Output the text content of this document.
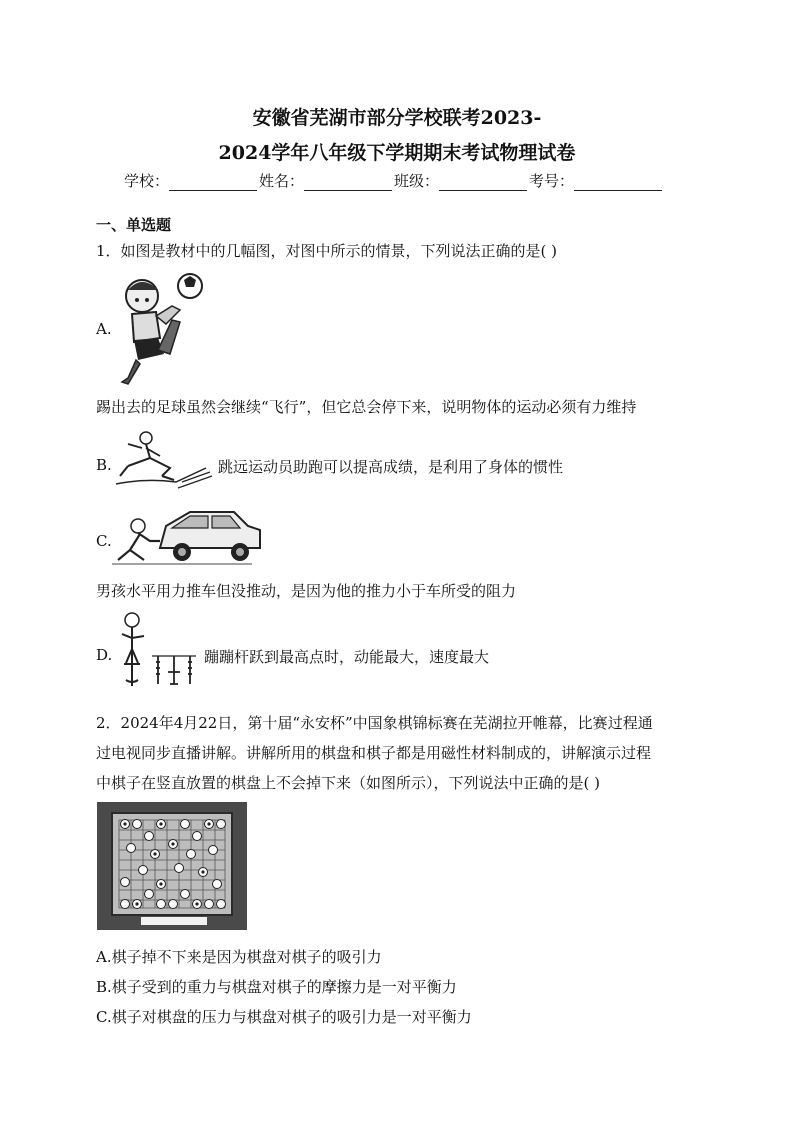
安徽省芜湖市部分学校联考2023-
2024学年八年级下学期期末考试物理试卷
学校：	姓名：	班级：	考号：
一、单选题
1．如图是教材中的几幅图，对图中所示的情景，下列说法正确的是( )
A.
踢出去的足球虽然会继续“飞行”，但它总会停下来，说明物体的运动必须有力维持
B.	跳远运动员助跑可以提高成绩，是利用了身体的惯性
C.
男孩水平用力推车但没推动，是因为他的推力小于车所受的阻力
D.	蹦蹦杆跃到最高点时，动能最大，速度最大
2．2024年4月22日，第十届“永安杯”中国象棋锦标赛在芜湖拉开帷幕，比赛过程通
过电视同步直播讲解。讲解所用的棋盘和棋子都是用磁性材料制成的，讲解演示过程
中棋子在竖直放置的棋盘上不会掉下来（如图所示），下列说法中正确的是( )
A.棋子掉不下来是因为棋盘对棋子的吸引力
B.棋子受到的重力与棋盘对棋子的摩擦力是一对平衡力
C.棋子对棋盘的压力与棋盘对棋子的吸引力是一对平衡力
